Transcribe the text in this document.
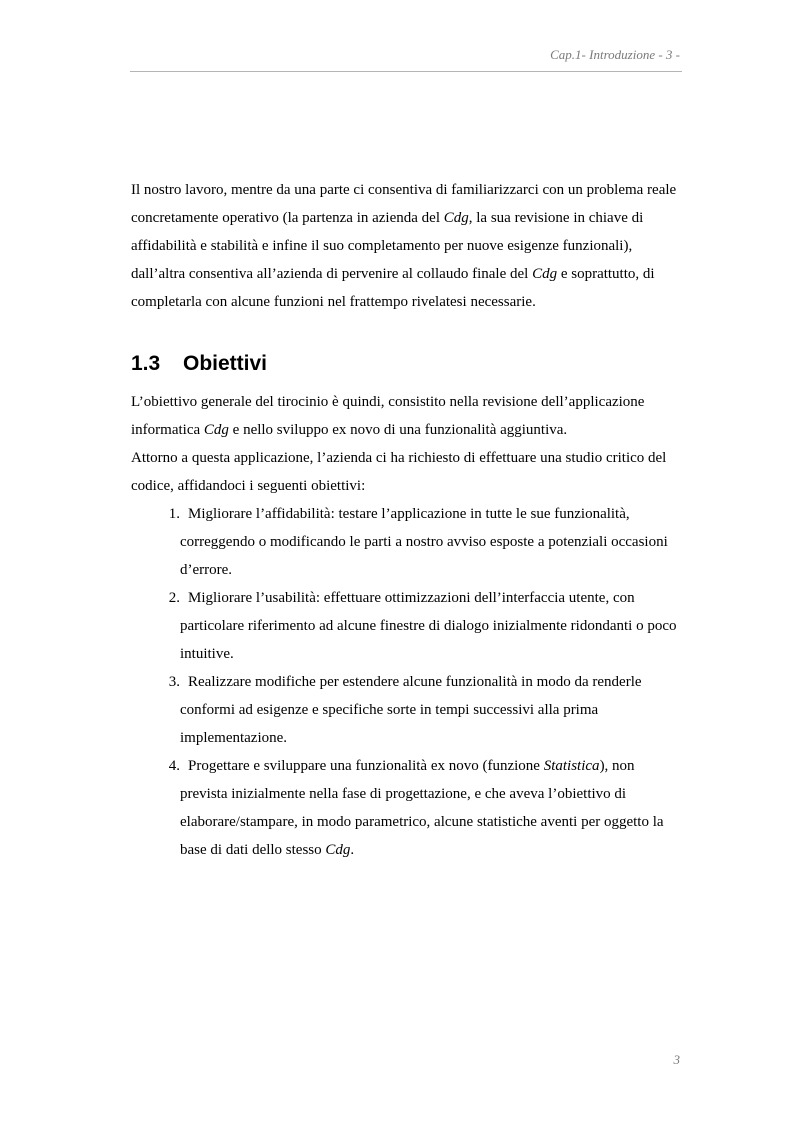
Cap.1- Introduzione - 3 -

Il nostro lavoro, mentre da una parte ci consentiva di familiarizzarci con un problema reale concretamente operativo (la partenza in azienda del Cdg, la sua revisione in chiave di affidabilità e stabilità e infine il suo completamento per nuove esigenze funzionali), dall’altra consentiva all’azienda di pervenire al collaudo finale del Cdg e soprattutto, di completarla con alcune funzioni nel frattempo rivelatesi necessarie.

1.3	Obiettivi

L’obiettivo generale del tirocinio è quindi, consistito nella revisione dell’applicazione informatica Cdg e nello sviluppo ex novo di una funzionalità aggiuntiva.

Attorno a questa applicazione, l’azienda ci ha richiesto di effettuare una studio critico del codice, affidandoci i seguenti obiettivi:

1. Migliorare l’affidabilità: testare l’applicazione in tutte le sue funzionalità, correggendo o modificando le parti a nostro avviso esposte a potenziali occasioni d’errore.
2. Migliorare l’usabilità: effettuare ottimizzazioni dell’interfaccia utente, con particolare riferimento ad alcune finestre di dialogo inizialmente ridondanti o poco intuitive.
3. Realizzare modifiche per estendere alcune funzionalità in modo da renderle conformi ad esigenze e specifiche sorte in tempi successivi alla prima implementazione.
4. Progettare e sviluppare una funzionalità ex novo (funzione Statistica), non prevista inizialmente nella fase di progettazione, e che aveva l’obiettivo di elaborare/stampare, in modo parametrico, alcune statistiche aventi per oggetto la base di dati dello stesso Cdg.
3
